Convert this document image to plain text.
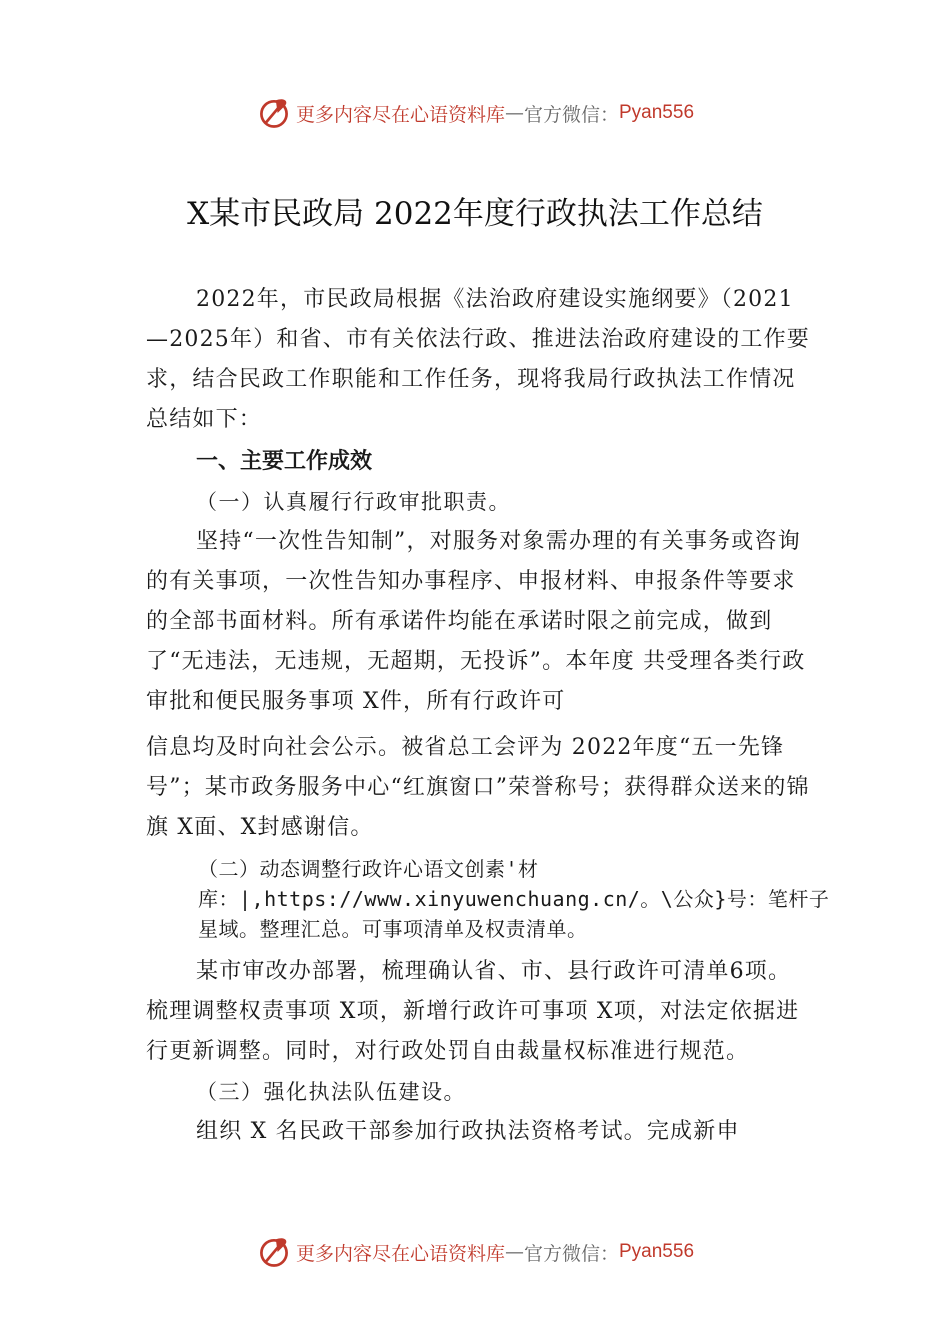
更多内容尽在心语资料库 — 官方微信： Pyan556
X某市民政局 2022年度行政执法工作总结

2022年，市民政局根据《法治政府建设实施纲要》（2021—2025年）和省、市有关依法行政、推进法治政府建设的工作要求，结合民政工作职能和工作任务，现将我局行政执法工作情况总结如下：

一、主要工作成效

（一）认真履行行政审批职责。

坚持“一次性告知制”，对服务对象需办理的有关事务或咨询的有关事项，一次性告知办事程序、申报材料、申报条件等要求的全部书面材料。所有承诺件均能在承诺时限之前完成，做到了“无违法，无违规，无超期，无投诉”。本年度 共受理各类行政审批和便民服务事项 X件，所有行政许可

信息均及时向社会公示。被省总工会评为 2022年度“五一先锋号”；某市政务服务中心“红旗窗口”荣誉称号；获得群众送来的锦旗 X面、X封感谢信。

（二）动态调整行政许心语文创素'材库：|,https://www.xinyuwenchuang.cn/。\公众}号：笔杆子星域。整理汇总。可事项清单及权责清单。

某市审改办部署，梳理确认省、市、县行政许可清单6项。梳理调整权责事项 X项，新增行政许可事项 X项，对法定依据进行更新调整。同时，对行政处罚自由裁量权标准进行规范。

（三）强化执法队伍建设。

组织 X 名民政干部参加行政执法资格考试。完成新申

更多内容尽在心语资料库 — 官方微信： Pyan556
